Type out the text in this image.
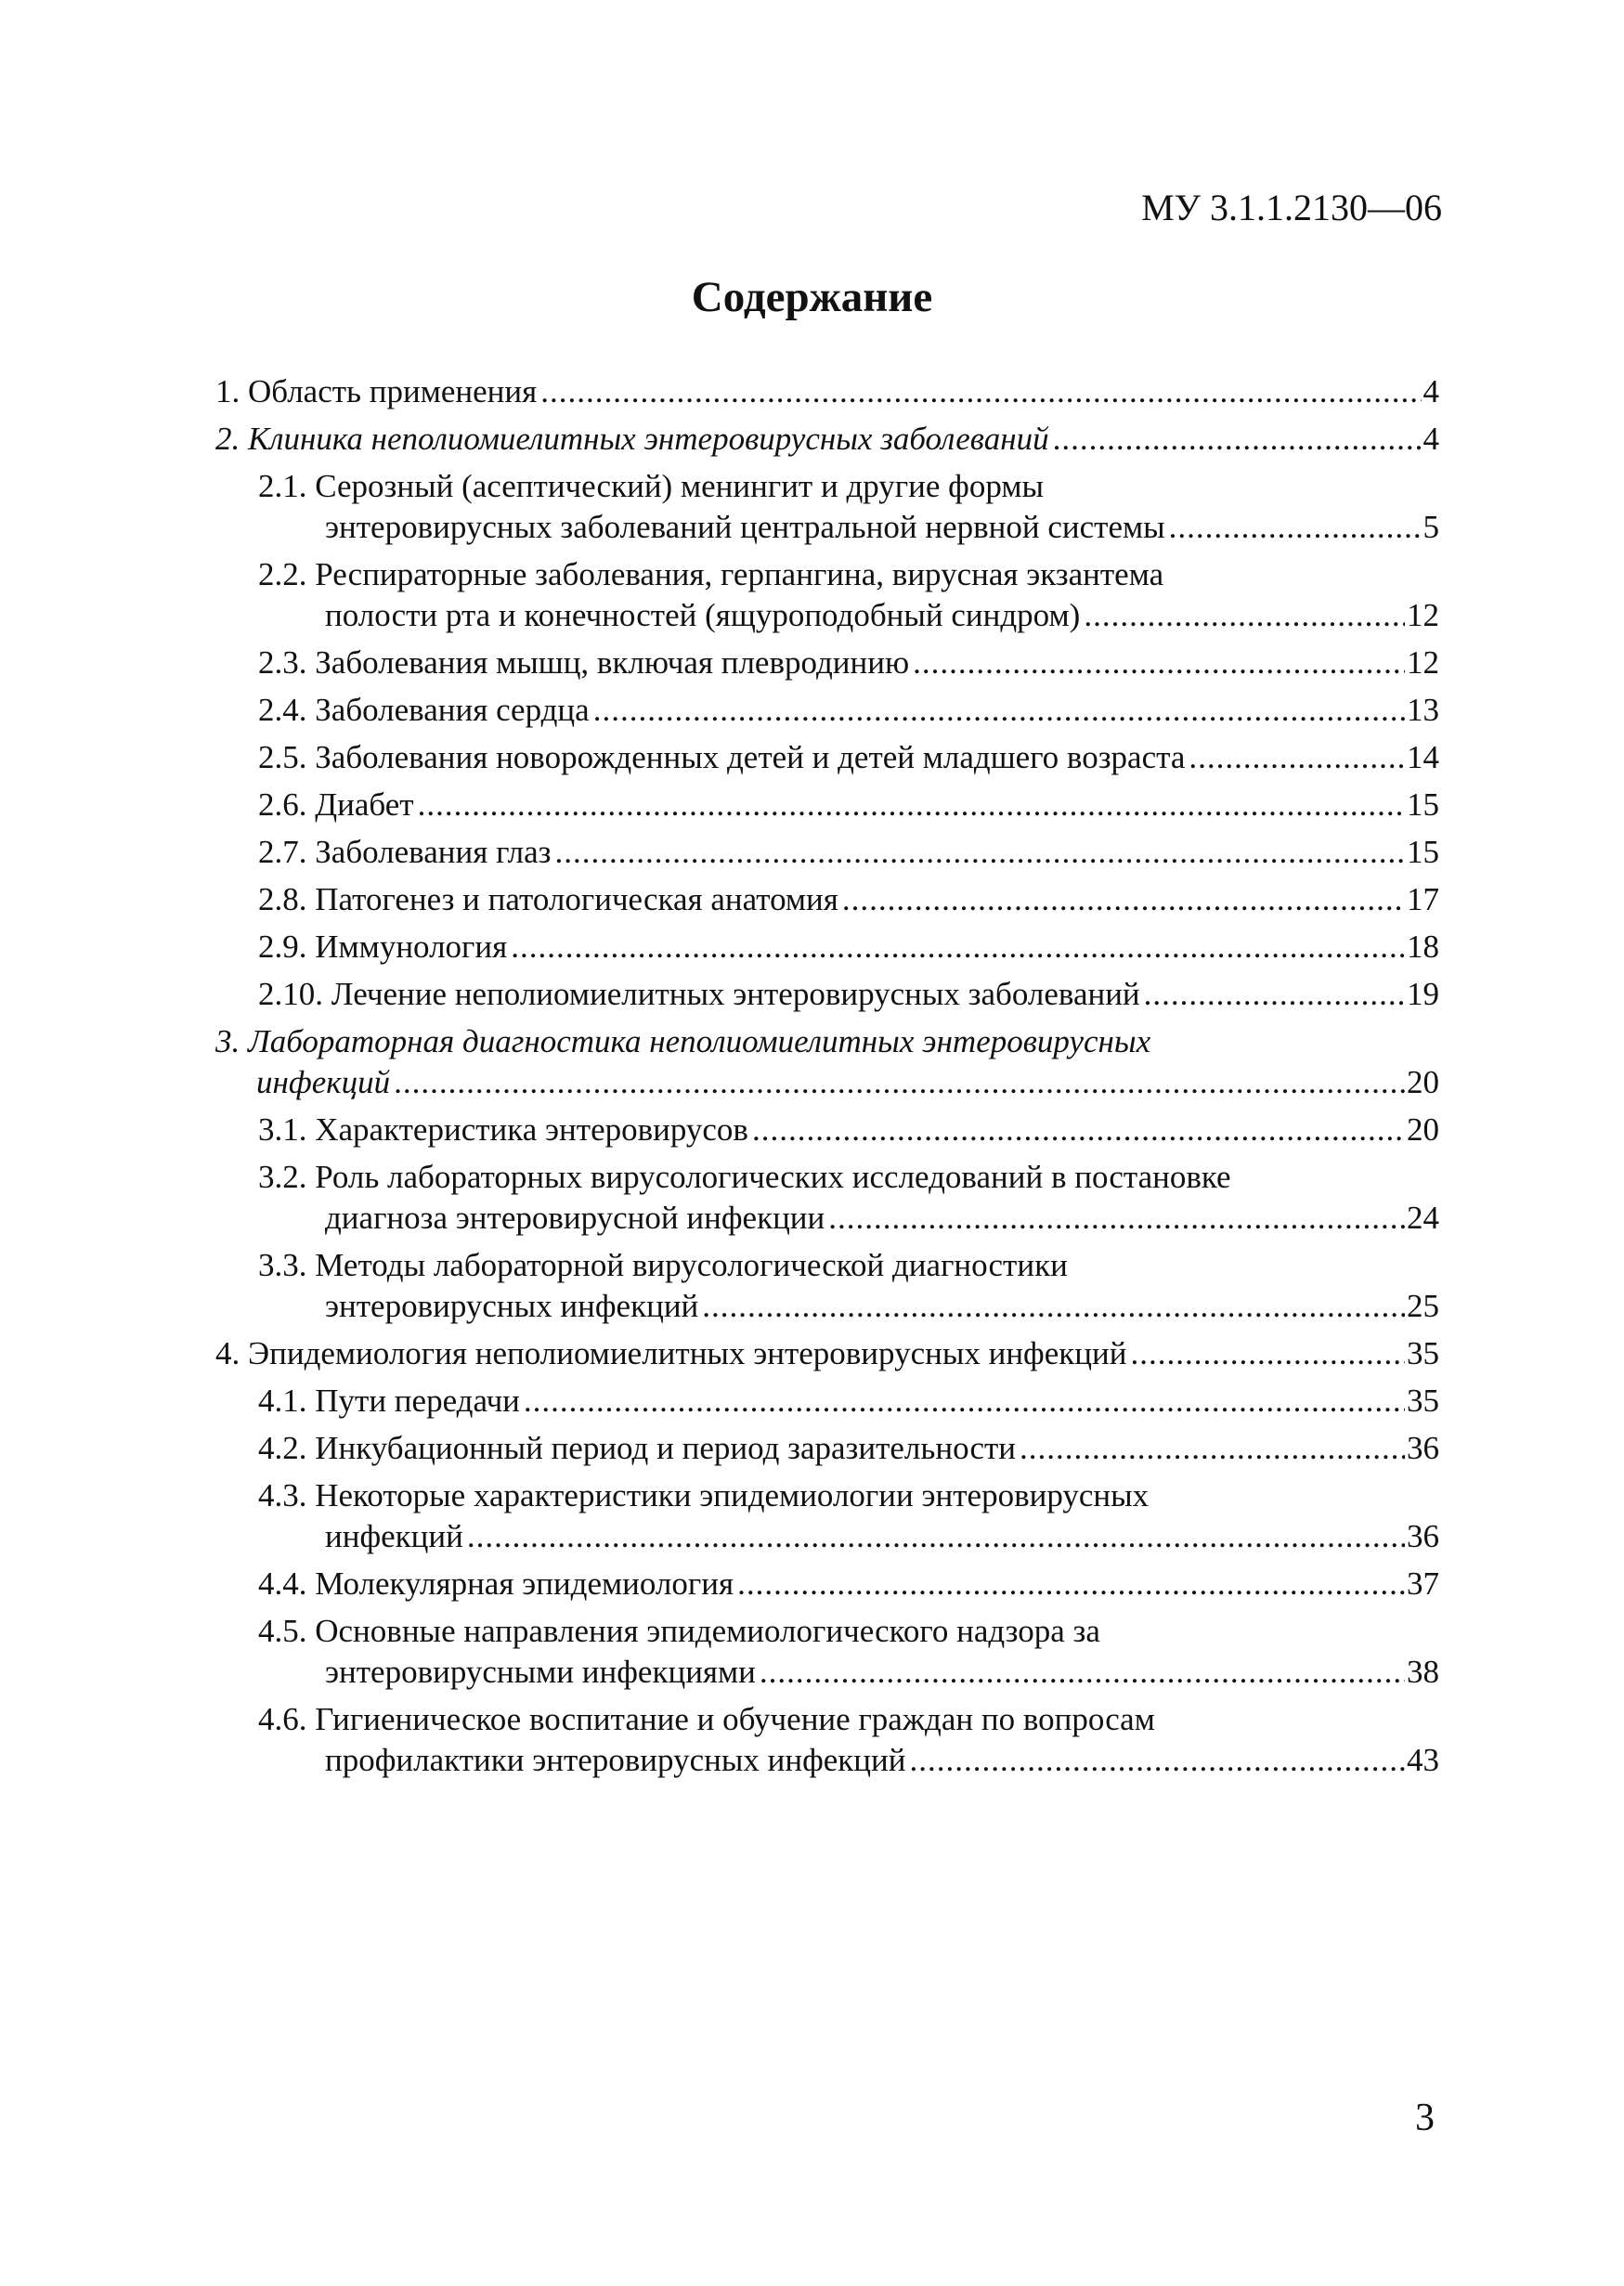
МУ 3.1.1.2130—06
Содержание
1. Область применения .....	4
2. Клиника неполиомиелитных энтеровирусных заболеваний .....	4
2.1. Серозный (асептический) менингит и другие формы
энтеровирусных заболеваний центральной нервной системы .....	5
2.2. Респираторные заболевания, герпангина, вирусная экзантема
полости рта и конечностей (ящуроподобный синдром) .....	12
2.3. Заболевания мышц, включая плевродинию .....	12
2.4. Заболевания сердца .....	13
2.5. Заболевания новорожденных детей и детей младшего возраста .....	14
2.6. Диабет .....	15
2.7. Заболевания глаз .....	15
2.8. Патогенез и патологическая анатомия .....	17
2.9. Иммунология .....	18
2.10. Лечение неполиомиелитных энтеровирусных заболеваний .....	19
3. Лабораторная диагностика неполиомиелитных энтеровирусных
инфекций .....	20
3.1. Характеристика энтеровирусов .....	20
3.2. Роль лабораторных вирусологических исследований в постановке
диагноза энтеровирусной инфекции .....	24
3.3. Методы лабораторной вирусологической диагностики
энтеровирусных инфекций .....	25
4. Эпидемиология неполиомиелитных энтеровирусных инфекций .....	35
4.1. Пути передачи .....	35
4.2. Инкубационный период и период заразительности .....	36
4.3. Некоторые характеристики эпидемиологии энтеровирусных
инфекций .....	36
4.4. Молекулярная эпидемиология .....	37
4.5. Основные направления эпидемиологического надзора за
энтеровирусными инфекциями .....	38
4.6. Гигиеническое воспитание и обучение граждан по вопросам
профилактики энтеровирусных инфекций .....	43
3
